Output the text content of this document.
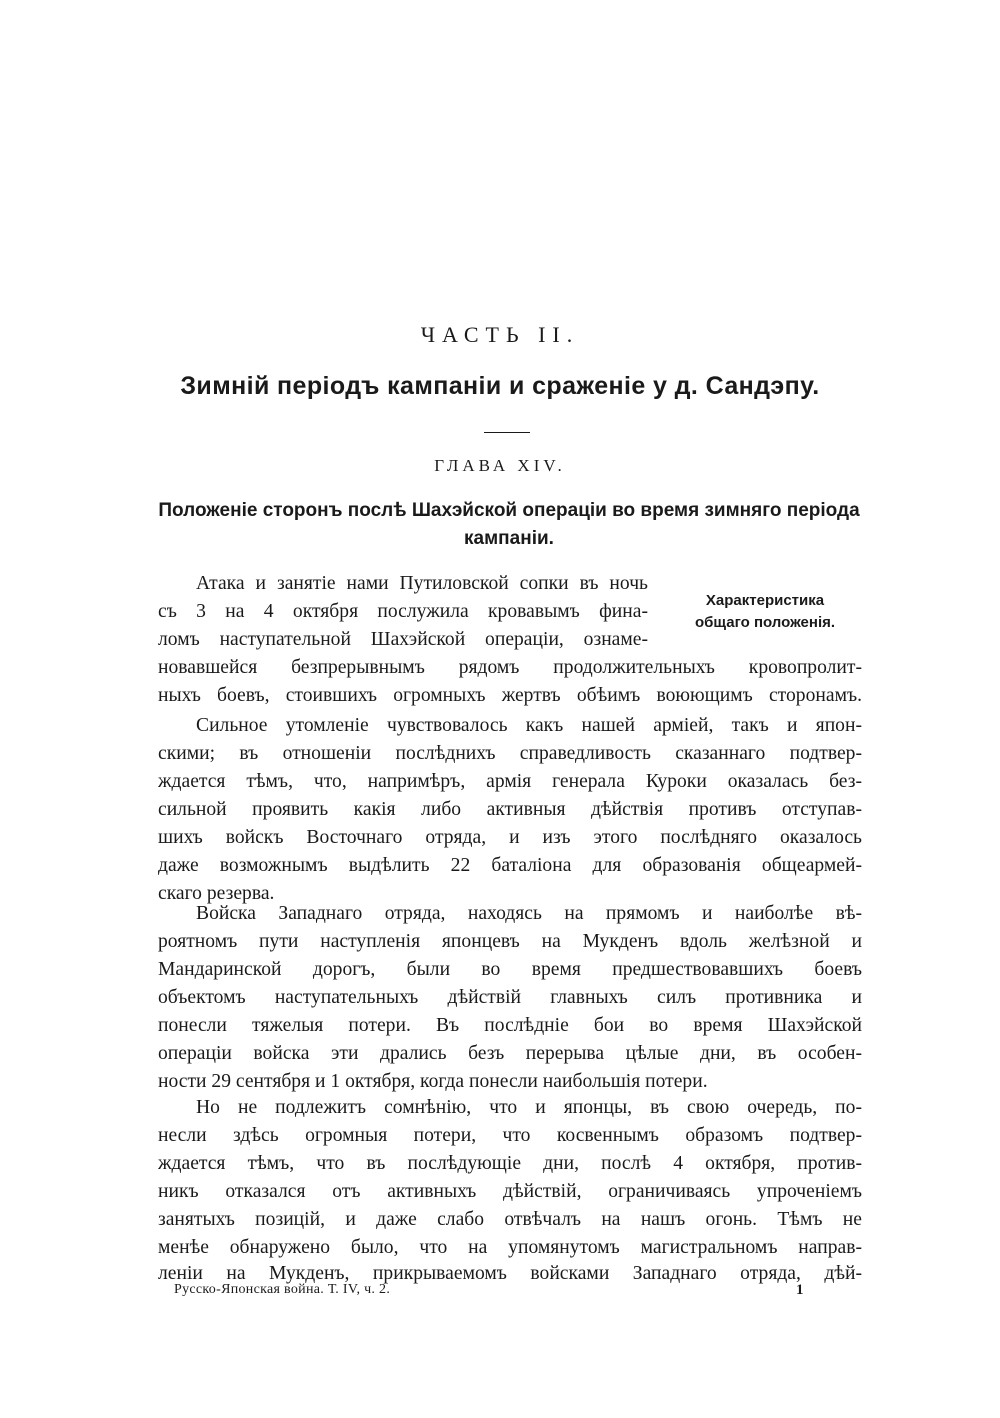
ЧАСТЬ II.
Зимній періодъ кампаніи и сраженіе у д. Сандэпу.
ГЛАВА XIV.
Положеніе сторонъ послѣ Шахэйской операціи во время зимняго періода кампаніи.
Характеристика
общаго положенія.
Атака и занятіе нами Путиловской сопки въ ночь
съ 3 на 4 октября послужила кровавымъ фина-
ломъ наступательной Шахэйской операціи, ознаме-
новавшейся безпрерывнымъ рядомъ продолжительныхъ кровопролит-
ныхъ боевъ, стоившихъ огромныхъ жертвъ обѣимъ воюющимъ сторонамъ.
Сильное утомленіе чувствовалось какъ нашей арміей, такъ и япон-
скими; въ отношеніи послѣднихъ справедливость сказаннаго подтвер-
ждается тѣмъ, что, напримѣръ, армія генерала Куроки оказалась без-
сильной проявить какія либо активныя дѣйствія противъ отступав-
шихъ войскъ Восточнаго отряда, и изъ этого послѣдняго оказалось
даже возможнымъ выдѣлить 22 баталіона для образованія общеармей-
скаго резерва.
Войска Западнаго отряда, находясь на прямомъ и наиболѣе вѣ-
роятномъ пути наступленія японцевъ на Мукденъ вдоль желѣзной и
Мандаринской дорогъ, были во время предшествовавшихъ боевъ
объектомъ наступательныхъ дѣйствій главныхъ силъ противника и
понесли тяжелыя потери. Въ послѣдніе бои во время Шахэйской
операціи войска эти дрались безъ перерыва цѣлые дни, въ особен-
ности 29 сентября и 1 октября, когда понесли наибольшія потери.
Но не подлежитъ сомнѣнію, что и японцы, въ свою очередь, по-
несли здѣсь огромныя потери, что косвеннымъ образомъ подтвер-
ждается тѣмъ, что въ послѣдующіе дни, послѣ 4 октября, против-
никъ отказался отъ активныхъ дѣйствій, ограничиваясь упроченіемъ
занятыхъ позицій, и даже слабо отвѣчалъ на нашъ огонь. Тѣмъ не
менѣе обнаружено было, что на упомянутомъ магистральномъ направ-
леніи на Мукденъ, прикрываемомъ войсками Западнаго отряда, дѣй-
Русско-Японская война. Т. IV, ч. 2.	1
